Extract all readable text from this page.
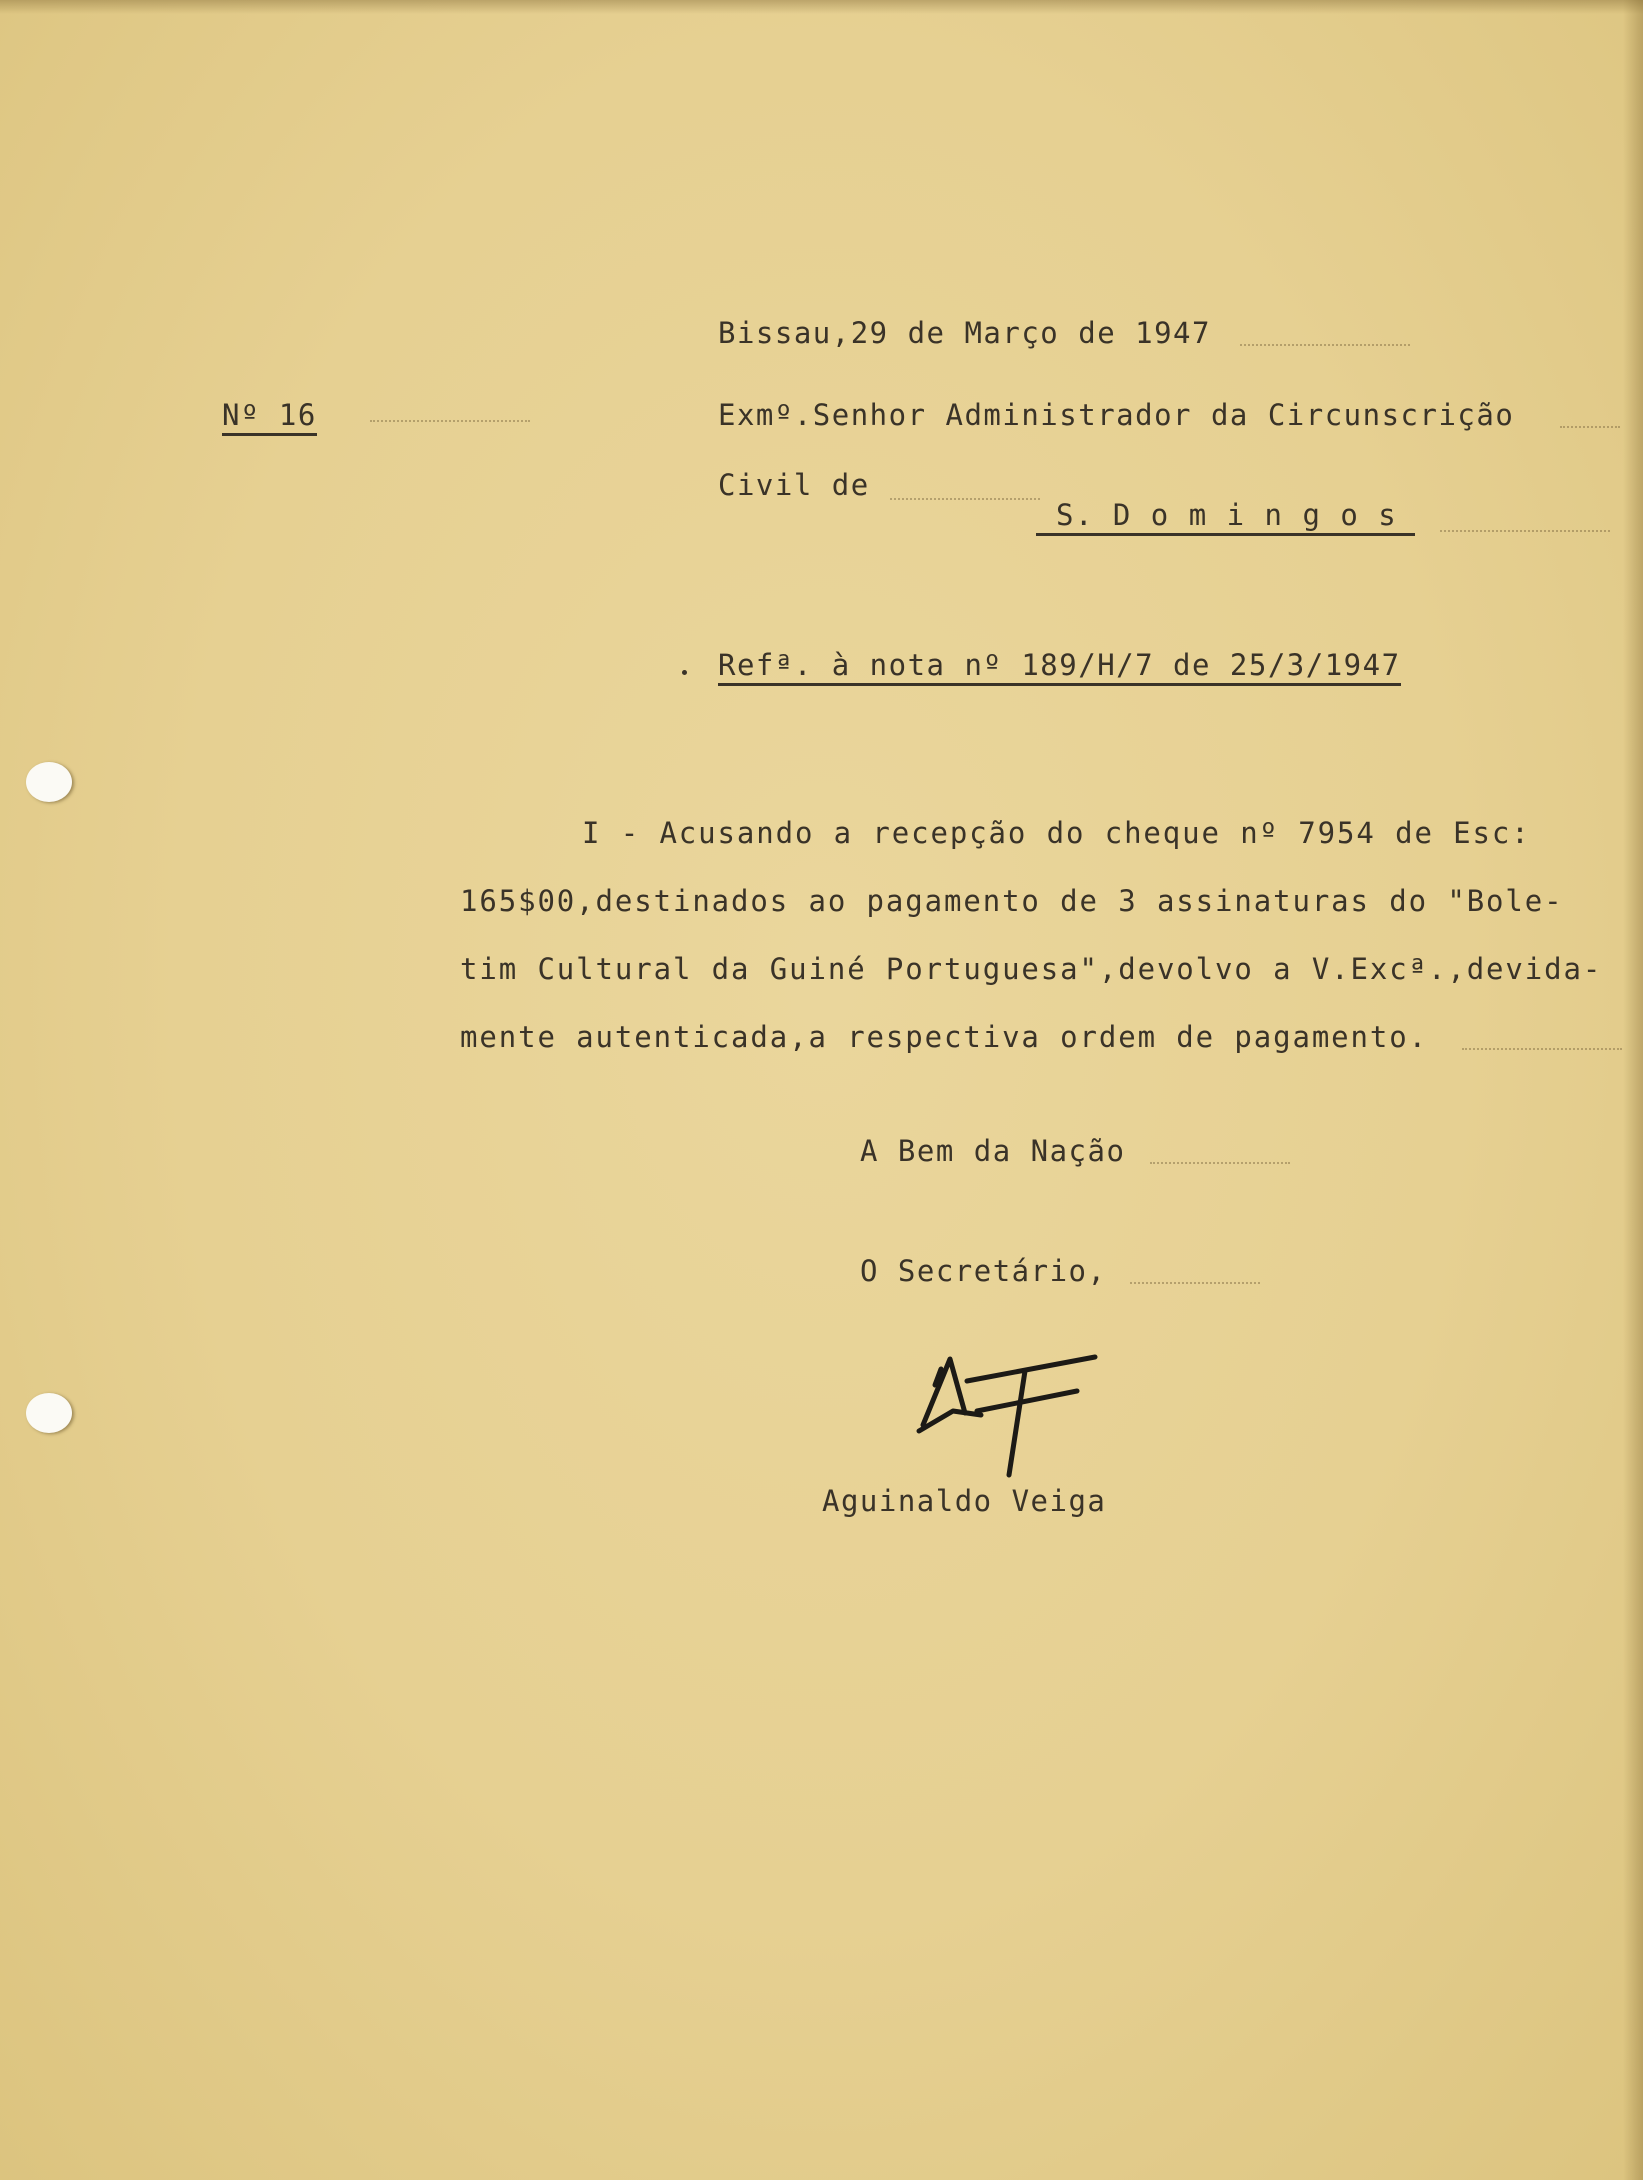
Bissau,29 de Março de 1947
Nº 16	Exmº.Senhor Administrador da Circunscrição
Civil de
S. D o m i n g o s
Refª. à nota nº 189/H/7 de 25/3/1947
I - Acusando a recepção do cheque nº 7954 de Esc:
165$00,destinados ao pagamento de 3 assinaturas do "Bole-
tim Cultural da Guiné Portuguesa",devolvo a V.Excª.,devida-
mente autenticada,a respectiva ordem de pagamento.
A Bem da Nação
O Secretário,
Aguinaldo Veiga
